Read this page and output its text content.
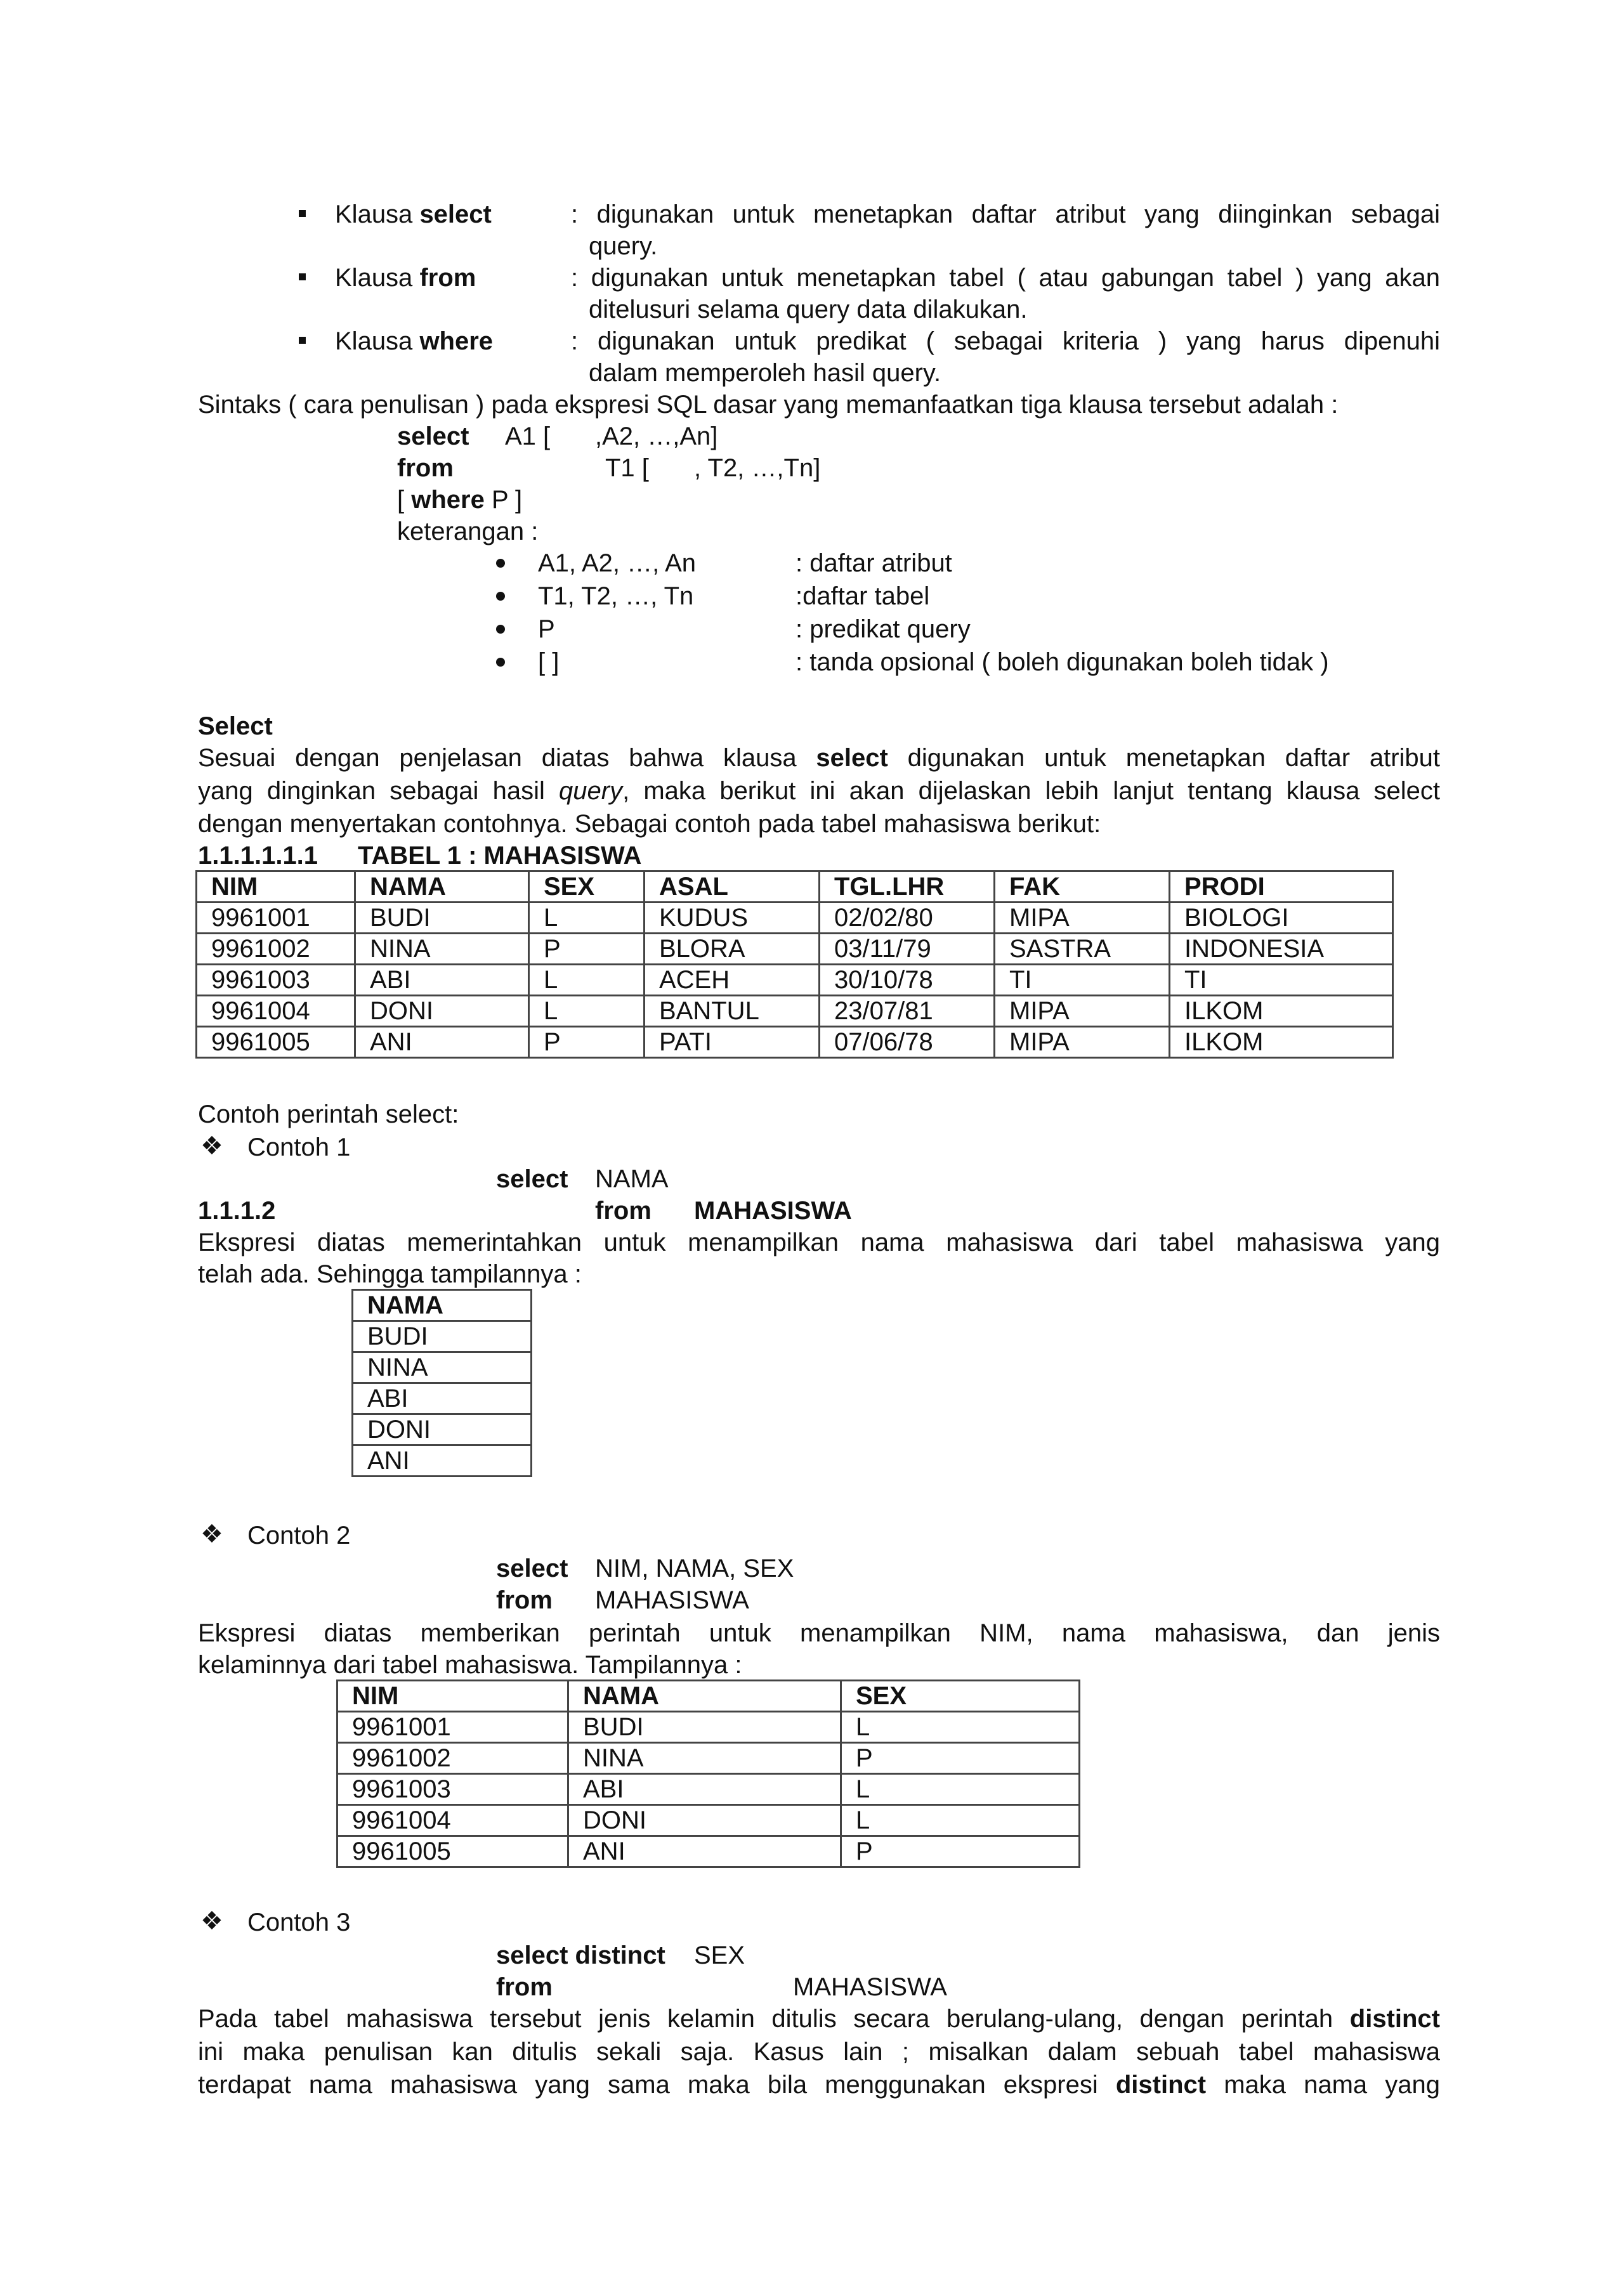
Klausa select	: digunakan untuk menetapkan daftar atribut yang diinginkan sebagai
query.
Klausa from	: digunakan untuk menetapkan tabel ( atau gabungan tabel ) yang akan
ditelusuri selama query data dilakukan.
Klausa where	: digunakan untuk predikat ( sebagai kriteria ) yang harus dipenuhi
dalam memperoleh hasil query.
Sintaks ( cara penulisan ) pada ekspresi SQL dasar yang memanfaatkan tiga klausa tersebut adalah :
select A1 [ ,A2, …,An]
from	T1 [ , T2, …,Tn]
[ where P ]
keterangan :
A1, A2, …, An	: daftar atribut
T1, T2, …, Tn	:daftar tabel
P	: predikat query
[ ]	: tanda opsional ( boleh digunakan boleh tidak )
Select
Sesuai dengan penjelasan diatas bahwa klausa select digunakan untuk menetapkan daftar atribut
yang dinginkan sebagai hasil query, maka berikut ini akan dijelaskan lebih lanjut tentang klausa select
dengan menyertakan contohnya. Sebagai contoh pada tabel mahasiswa berikut:
1.1.1.1.1.1 TABEL 1 : MAHASISWA
NIM	NAMA	SEX	ASAL	TGL.LHR	FAK	PRODI
9961001	BUDI	L	KUDUS	02/02/80	MIPA	BIOLOGI
9961002	NINA	P	BLORA	03/11/79	SASTRA	INDONESIA
9961003	ABI	L	ACEH	30/10/78	TI	TI
9961004	DONI	L	BANTUL	23/07/81	MIPA	ILKOM
9961005	ANI	P	PATI	07/06/78	MIPA	ILKOM
Contoh perintah select:
❖ Contoh 1
select NAMA
1.1.1.2	from MAHASISWA
Ekspresi diatas memerintahkan untuk menampilkan nama mahasiswa dari tabel mahasiswa yang
telah ada. Sehingga tampilannya :
NAMA
BUDI
NINA
ABI
DONI
ANI
❖ Contoh 2
select NIM, NAMA, SEX
from MAHASISWA
Ekspresi diatas memberikan perintah untuk menampilkan NIM, nama mahasiswa, dan jenis
kelaminnya dari tabel mahasiswa. Tampilannya :
NIM	NAMA	SEX
9961001	BUDI	L
9961002	NINA	P
9961003	ABI	L
9961004	DONI	L
9961005	ANI	P
❖ Contoh 3
select distinct SEX
from	MAHASISWA
Pada tabel mahasiswa tersebut jenis kelamin ditulis secara berulang-ulang, dengan perintah distinct
ini maka penulisan kan ditulis sekali saja. Kasus lain ; misalkan dalam sebuah tabel mahasiswa
terdapat nama mahasiswa yang sama maka bila menggunakan ekspresi distinct maka nama yang
